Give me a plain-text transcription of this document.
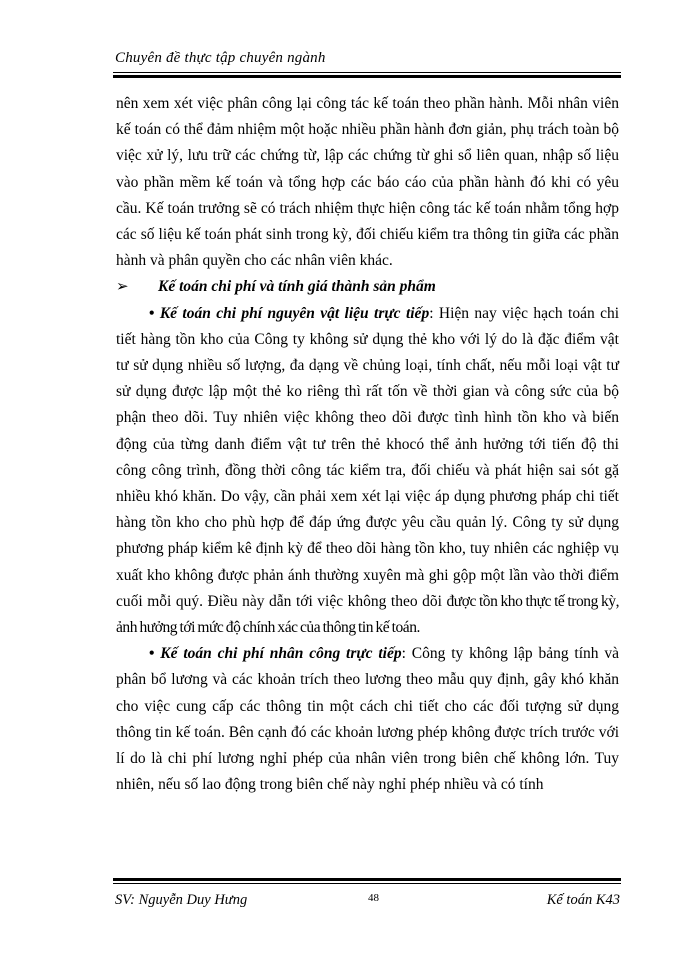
Chuyên đề thực tập chuyên ngành

nên xem xét việc phân công lại công tác kế toán theo phần hành. Mỗi nhân viên kế toán có thể đảm nhiệm một hoặc nhiều phần hành đơn giản, phụ trách toàn bộ việc xử lý, lưu trữ các chứng từ, lập các chứng từ ghi sổ liên quan, nhập số liệu vào phần mềm kế toán và tổng hợp các báo cáo của phần hành đó khi có yêu cầu. Kế toán trưởng sẽ có trách nhiệm thực hiện công tác kế toán nhằm tổng hợp các số liệu kế toán phát sinh trong kỳ, đối chiếu kiểm tra thông tin giữa các phần hành và phân quyền cho các nhân viên khác.

➢ Kế toán chi phí và tính giá thành sản phẩm

• Kế toán chi phí nguyên vật liệu trực tiếp: Hiện nay việc hạch toán chi tiết hàng tồn kho của Công ty không sử dụng thẻ kho với lý do là đặc điểm vật tư sử dụng nhiều số lượng, đa dạng về chủng loại, tính chất, nếu mỗi loại vật tư sử dụng được lập một thẻ ko riêng thì rất tốn về thời gian và công sức của bộ phận theo dõi. Tuy nhiên việc không theo dõi được tình hình tồn kho và biến động của từng danh điểm vật tư trên thẻ khocó thể ảnh hưởng tới tiến độ thi công công trình, đồng thời công tác kiểm tra, đối chiếu và phát hiện sai sót gặ nhiều khó khăn. Do vậy, cần phải xem xét lại việc áp dụng phương pháp chi tiết hàng tồn kho cho phù hợp để đáp ứng được yêu cầu quản lý. Công ty sử dụng phương pháp kiểm kê định kỳ để theo dõi hàng tồn kho, tuy nhiên các nghiệp vụ xuất kho không được phản ánh thường xuyên mà ghi gộp một lần vào thời điểm cuối mỗi quý. Điều này dẫn tới việc không theo dõi được tồn kho thực tế trong kỳ, ảnh hưởng tới mức độ chính xác của thông tin kế toán.

• Kế toán chi phí nhân công trực tiếp: Công ty không lập bảng tính và phân bổ lương và các khoản trích theo lương theo mẫu quy định, gây khó khăn cho việc cung cấp các thông tin một cách chi tiết cho các đối tượng sử dụng thông tin kế toán. Bên cạnh đó các khoản lương phép không được trích trước với lí do là chi phí lương nghỉ phép của nhân viên trong biên chế không lớn. Tuy nhiên, nếu số lao động trong biên chế này nghỉ phép nhiều và có tính

SV: Nguyễn Duy Hưng	48	Kế toán K43
